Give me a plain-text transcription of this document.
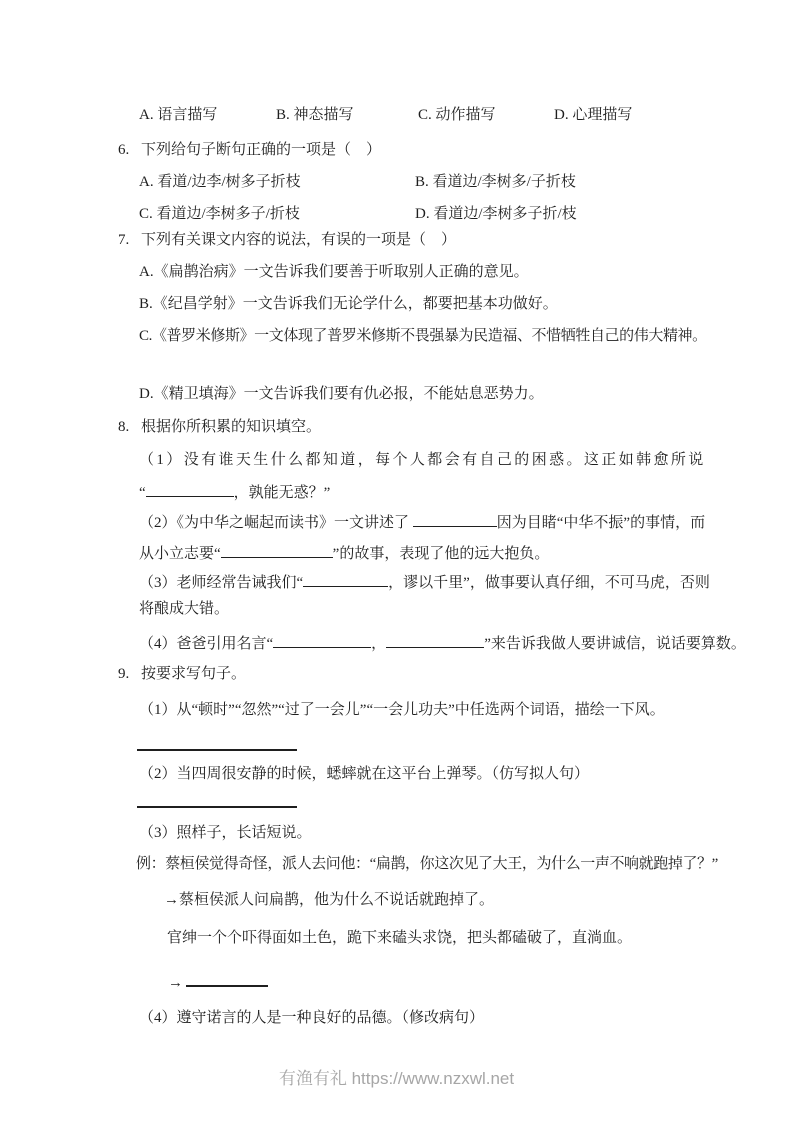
A. 语言描写	B. 神态描写	C. 动作描写	D. 心理描写
6. 下列给句子断句正确的一项是（    ）
A. 看道/边李/树多子折枝	B. 看道边/李树多/子折枝
C. 看道边/李树多子/折枝	D. 看道边/李树多子折/枝
7. 下列有关课文内容的说法，有误的一项是（    ）
A.《扁鹊治病》一文告诉我们要善于听取别人正确的意见。
B.《纪昌学射》一文告诉我们无论学什么，都要把基本功做好。
C.《普罗米修斯》一文体现了普罗米修斯不畏强暴为民造福、不惜牺牲自己的伟大精神。
D.《精卫填海》一文告诉我们要有仇必报，不能姑息恶势力。
8. 根据你所积累的知识填空。
（1）没有谁天生什么都知道，每个人都会有自己的困惑。这正如韩愈所说
“	，孰能无惑？”
（2）《为中华之崛起而读书》一文讲述了	因为目睹“中华不振”的事情，而
从小立志要“	”的故事，表现了他的远大抱负。
（3）老师经常告诫我们“	，谬以千里”，做事要认真仔细，不可马虎，否则
将酿成大错。
（4）爸爸引用名言“	，	”来告诉我做人要讲诚信，说话要算数。
9. 按要求写句子。
（1）从“顿时”“忽然”“过了一会儿”“一会儿功夫”中任选两个词语，描绘一下风。
（2）当四周很安静的时候，蟋蟀就在这平台上弹琴。（仿写拟人句）
（3）照样子，长话短说。
例：蔡桓侯觉得奇怪，派人去问他：“扁鹊，你这次见了大王，为什么一声不响就跑掉了？”
→蔡桓侯派人问扁鹊，他为什么不说话就跑掉了。
官绅一个个吓得面如土色，跪下来磕头求饶，把头都磕破了，直淌血。
→
（4）遵守诺言的人是一种良好的品德。（修改病句）
有渔有礼 https://www.nzxwl.net
